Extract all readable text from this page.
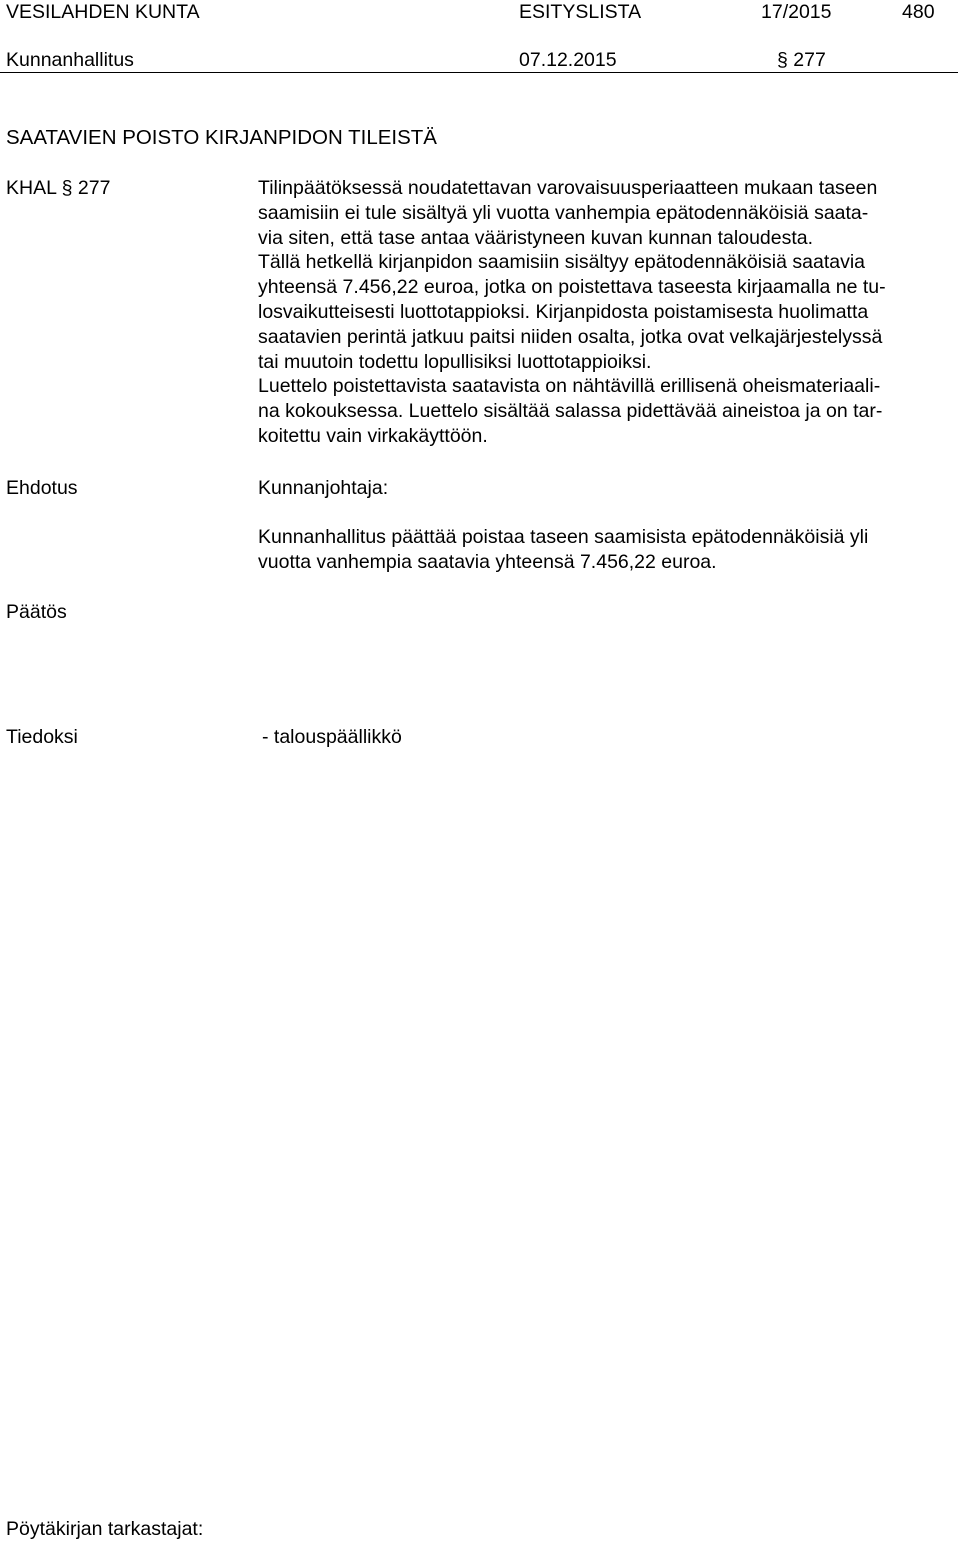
VESILAHDEN KUNTA	ESITYSLISTA	17/2015	480
Kunnanhallitus	07.12.2015	§ 277
SAATAVIEN POISTO KIRJANPIDON TILEISTÄ
KHAL § 277	Tilinpäätöksessä noudatettavan varovaisuusperiaatteen mukaan taseen
saamisiin ei tule sisältyä yli vuotta vanhempia epätodennäköisiä saata-
via siten, että tase antaa vääristyneen kuvan kunnan taloudesta.
Tällä hetkellä kirjanpidon saamisiin sisältyy epätodennäköisiä saatavia
yhteensä 7.456,22 euroa, jotka on poistettava taseesta kirjaamalla ne tu-
losvaikutteisesti luottotappioksi. Kirjanpidosta poistamisesta huolimatta
saatavien perintä jatkuu paitsi niiden osalta, jotka ovat velkajärjestelyssä
tai muutoin todettu lopullisiksi luottotappioiksi.
Luettelo poistettavista saatavista on nähtävillä erillisenä oheismateriaali-
na kokouksessa. Luettelo sisältää salassa pidettävää aineistoa ja on tar-
koitettu vain virkakäyttöön.
Ehdotus	Kunnanjohtaja:
Kunnanhallitus päättää poistaa taseen saamisista epätodennäköisiä yli
vuotta vanhempia saatavia yhteensä 7.456,22 euroa.
Päätös
Tiedoksi	- talouspäällikkö
Pöytäkirjan tarkastajat:
